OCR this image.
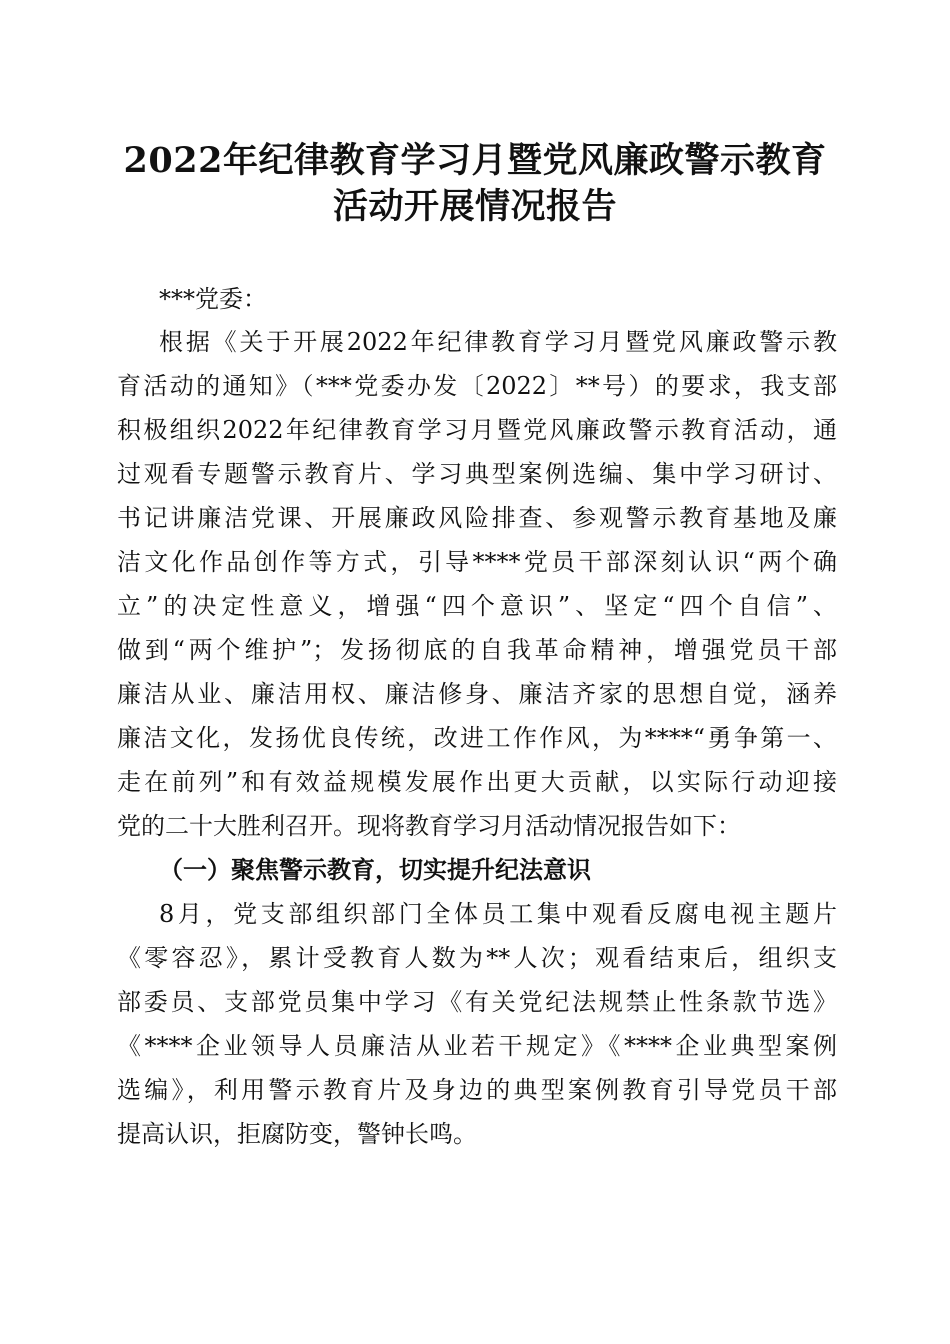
2022年纪律教育学习月暨党风廉政警示教育
活动开展情况报告
***党委：
根据《关于开展2022年纪律教育学习月暨党风廉政警示教
育活动的通知》（***党委办发〔2022〕**号）的要求，我支部
积极组织2022年纪律教育学习月暨党风廉政警示教育活动，通
过观看专题警示教育片、学习典型案例选编、集中学习研讨、
书记讲廉洁党课、开展廉政风险排查、参观警示教育基地及廉
洁文化作品创作等方式，引导****党员干部深刻认识“两个确
立”的决定性意义，增强“四个意识”、坚定“四个自信”、
做到“两个维护”；发扬彻底的自我革命精神，增强党员干部
廉洁从业、廉洁用权、廉洁修身、廉洁齐家的思想自觉，涵养
廉洁文化，发扬优良传统，改进工作作风，为****“勇争第一、
走在前列”和有效益规模发展作出更大贡献，以实际行动迎接
党的二十大胜利召开。现将教育学习月活动情况报告如下：
（一）聚焦警示教育，切实提升纪法意识
8月，党支部组织部门全体员工集中观看反腐电视主题片
《零容忍》，累计受教育人数为**人次；观看结束后，组织支
部委员、支部党员集中学习《有关党纪法规禁止性条款节选》
《****企业领导人员廉洁从业若干规定》《****企业典型案例
选编》，利用警示教育片及身边的典型案例教育引导党员干部
提高认识，拒腐防变，警钟长鸣。
